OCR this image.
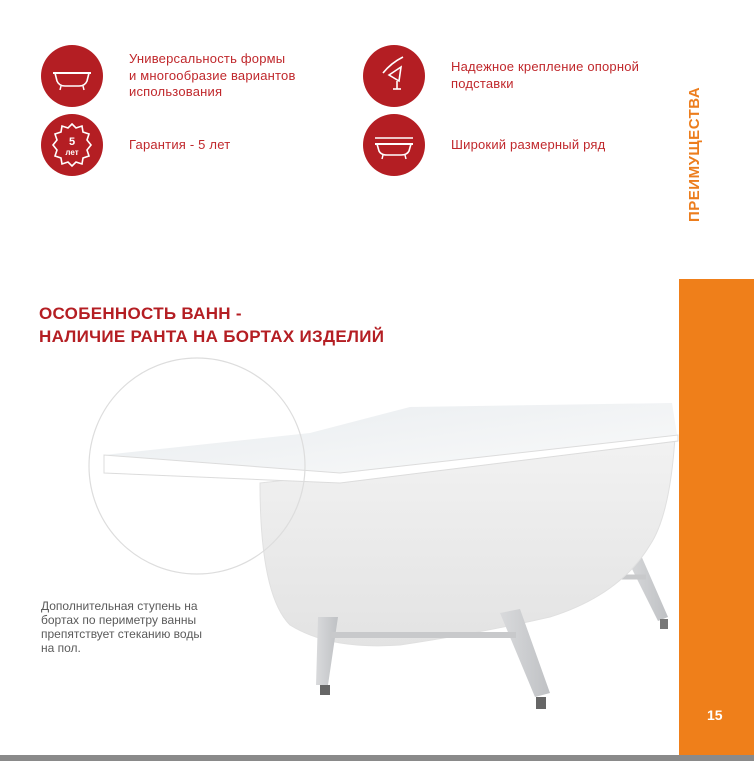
Универсальность формы
и многообразие вариантов
использования
Надежное крепление опорной
подставки
5
лет
Гарантия - 5 лет	Широкий размерный ряд	ПРЕИМУЩЕСТВА
15
ОСОБЕННОСТЬ ВАНН -
НАЛИЧИЕ РАНТА НА БОРТАХ ИЗДЕЛИЙ
Дополнительная ступень на
бортах по периметру ванны
препятствует стеканию воды
на пол.
